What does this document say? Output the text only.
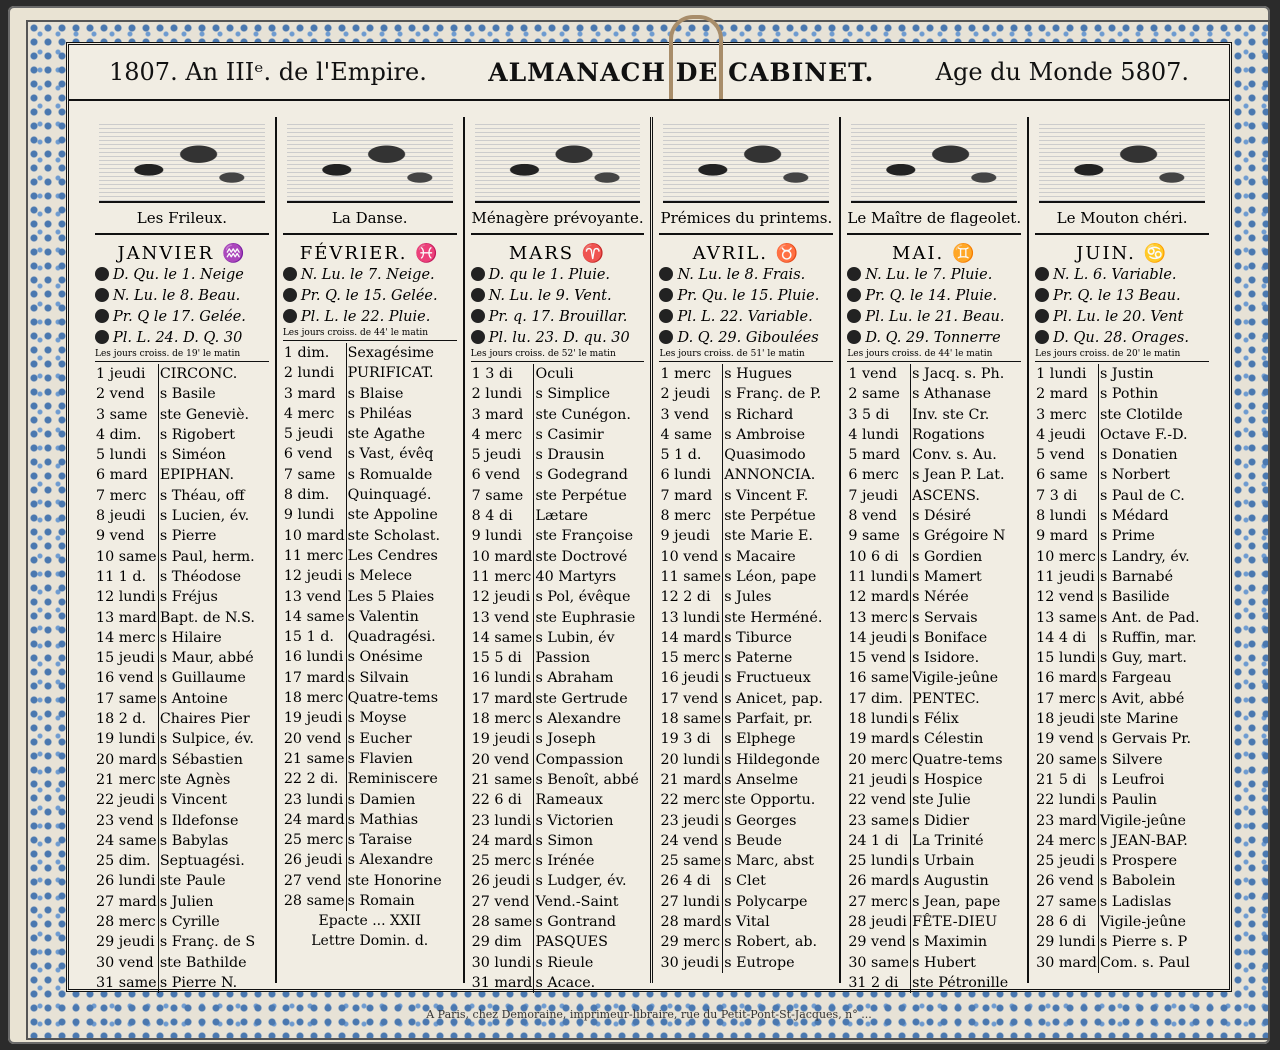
1807. An IIIᵉ. de l'Empire. ALMANACH DE CABINET.	Age du Monde 5807.
Les Frileux.
JANVIER ♒
D. Qu. le 1. Neige
N. Lu. le 8. Beau.
Pr. Q le 17. Gelée.
Pl. L. 24. D. Q. 30
Les jours croiss. de 19' le matin
1 jeudi	CIRCONC.
2 vend	s Basile
3 same	ste Geneviè.
4 dim.	s Rigobert
5 lundi	s Siméon
6 mard	EPIPHAN.
7 merc	s Théau, off
8 jeudi	s Lucien, év.
9 vend	s Pierre
10 same	s Paul, herm.
11 1 d.	s Théodose
12 lundi	s Fréjus
13 mard	Bapt. de N.S.
14 merc	s Hilaire
15 jeudi	s Maur, abbé
16 vend	s Guillaume
17 same	s Antoine
18 2 d.	Chaires Pier
19 lundi	s Sulpice, év.
20 mard	s Sébastien
21 merc	ste Agnès
22 jeudi	s Vincent
23 vend	s Ildefonse
24 same	s Babylas
25 dim.	Septuagési.
26 lundi	ste Paule
27 mard	s Julien
28 merc	s Cyrille
29 jeudi	s Franç. de S
30 vend	ste Bathilde
31 same	s Pierre N.
La Danse.
FÉVRIER. ♓
N. Lu. le 7. Neige.
Pr. Q. le 15. Gelée.
Pl. L. le 22. Pluie.
Les jours croiss. de 44' le matin
1 dim.	Sexagésime
2 lundi	PURIFICAT.
3 mard	s Blaise
4 merc	s Philéas
5 jeudi	ste Agathe
6 vend	s Vast, évêq
7 same	s Romualde
8 dim.	Quinquagé.
9 lundi	ste Appoline
10 mard	ste Scholast.
11 merc	Les Cendres
12 jeudi	s Melece
13 vend	Les 5 Plaies
14 same	s Valentin
15 1 d.	Quadragési.
16 lundi	s Onésime
17 mard	s Silvain
18 merc	Quatre-tems
19 jeudi	s Moyse
20 vend	s Eucher
21 same	s Flavien
22 2 di.	Reminiscere
23 lundi	s Damien
24 mard	s Mathias
25 merc	s Taraise
26 jeudi	s Alexandre
27 vend	ste Honorine
28 same	s Romain
Epacte ... XXII
Lettre Domin. d.
Ménagère prévoyante.
MARS ♈
D. qu le 1. Pluie.
N. Lu. le 9. Vent.
Pr. q. 17. Brouillar.
Pl. lu. 23. D. qu. 30
Les jours croiss. de 52' le matin
1 3 di	Oculi
2 lundi	s Simplice
3 mard	ste Cunégon.
4 merc	s Casimir
5 jeudi	s Drausin
6 vend	s Godegrand
7 same	ste Perpétue
8 4 di	Lætare
9 lundi	ste Françoise
10 mard	ste Doctrové
11 merc	40 Martyrs
12 jeudi	s Pol, évêque
13 vend	ste Euphrasie
14 same	s Lubin, év
15 5 di	Passion
16 lundi	s Abraham
17 mard	ste Gertrude
18 merc	s Alexandre
19 jeudi	s Joseph
20 vend	Compassion
21 same	s Benoît, abbé
22 6 di	Rameaux
23 lundi	s Victorien
24 mard	s Simon
25 merc	s Irénée
26 jeudi	s Ludger, év.
27 vend	Vend.-Saint
28 same	s Gontrand
29 dim	PASQUES
30 lundi	s Rieule
31 mard	s Acace.
Prémices du printems.
AVRIL. ♉
N. Lu. le 8. Frais.
Pr. Qu. le 15. Pluie.
Pl. L. 22. Variable.
D. Q. 29. Giboulées
Les jours croiss. de 51' le matin
1 merc	s Hugues
2 jeudi	s Franç. de P.
3 vend	s Richard
4 same	s Ambroise
5 1 d.	Quasimodo
6 lundi	ANNONCIA.
7 mard	s Vincent F.
8 merc	ste Perpétue
9 jeudi	ste Marie E.
10 vend	s Macaire
11 same	s Léon, pape
12 2 di	s Jules
13 lundi	ste Herméné.
14 mard	s Tiburce
15 merc	s Paterne
16 jeudi	s Fructueux
17 vend	s Anicet, pap.
18 same	s Parfait, pr.
19 3 di	s Elphege
20 lundi	s Hildegonde
21 mard	s Anselme
22 merc	ste Opportu.
23 jeudi	s Georges
24 vend	s Beude
25 same	s Marc, abst
26 4 di	s Clet
27 lundi	s Polycarpe
28 mard	s Vital
29 merc	s Robert, ab.
30 jeudi	s Eutrope
Le Maître de flageolet.
MAI. ♊
N. Lu. le 7. Pluie.
Pr. Q. le 14. Pluie.
Pl. Lu. le 21. Beau.
D. Q. 29. Tonnerre
Les jours croiss. de 44' le matin
1 vend	s Jacq. s. Ph.
2 same	s Athanase
3 5 di	Inv. ste Cr.
4 lundi	Rogations
5 mard	Conv. s. Au.
6 merc	s Jean P. Lat.
7 jeudi	ASCENS.
8 vend	s Désiré
9 same	s Grégoire N
10 6 di	s Gordien
11 lundi	s Mamert
12 mard	s Nérée
13 merc	s Servais
14 jeudi	s Boniface
15 vend	s Isidore.
16 same	Vigile-jeûne
17 dim.	PENTEC.
18 lundi	s Félix
19 mard	s Célestin
20 merc	Quatre-tems
21 jeudi	s Hospice
22 vend	ste Julie
23 same	s Didier
24 1 di	La Trinité
25 lundi	s Urbain
26 mard	s Augustin
27 merc	s Jean, pape
28 jeudi	FÊTE-DIEU
29 vend	s Maximin
30 same	s Hubert
31 2 di	ste Pétronille
Le Mouton chéri.
JUIN. ♋
N. L. 6. Variable.
Pr. Q. le 13 Beau.
Pl. Lu. le 20. Vent
D. Qu. 28. Orages.
Les jours croiss. de 20' le matin
1 lundi	s Justin
2 mard	s Pothin
3 merc	ste Clotilde
4 jeudi	Octave F.-D.
5 vend	s Donatien
6 same	s Norbert
7 3 di	s Paul de C.
8 lundi	s Médard
9 mard	s Prime
10 merc	s Landry, év.
11 jeudi	s Barnabé
12 vend	s Basilide
13 same	s Ant. de Pad.
14 4 di	s Ruffin, mar.
15 lundi	s Guy, mart.
16 mard	s Fargeau
17 merc	s Avit, abbé
18 jeudi	ste Marine
19 vend	s Gervais Pr.
20 same	s Silvere
21 5 di	s Leufroi
22 lundi	s Paulin
23 mard	Vigile-jeûne
24 merc	s JEAN-BAP.
25 jeudi	s Prospere
26 vend	s Babolein
27 same	s Ladislas
28 6 di	Vigile-jeûne
29 lundi	s Pierre s. P
30 mard	Com. s. Paul
A Paris, chez Demoraine, imprimeur-libraire, rue du Petit-Pont-St-Jacques, n° ...
